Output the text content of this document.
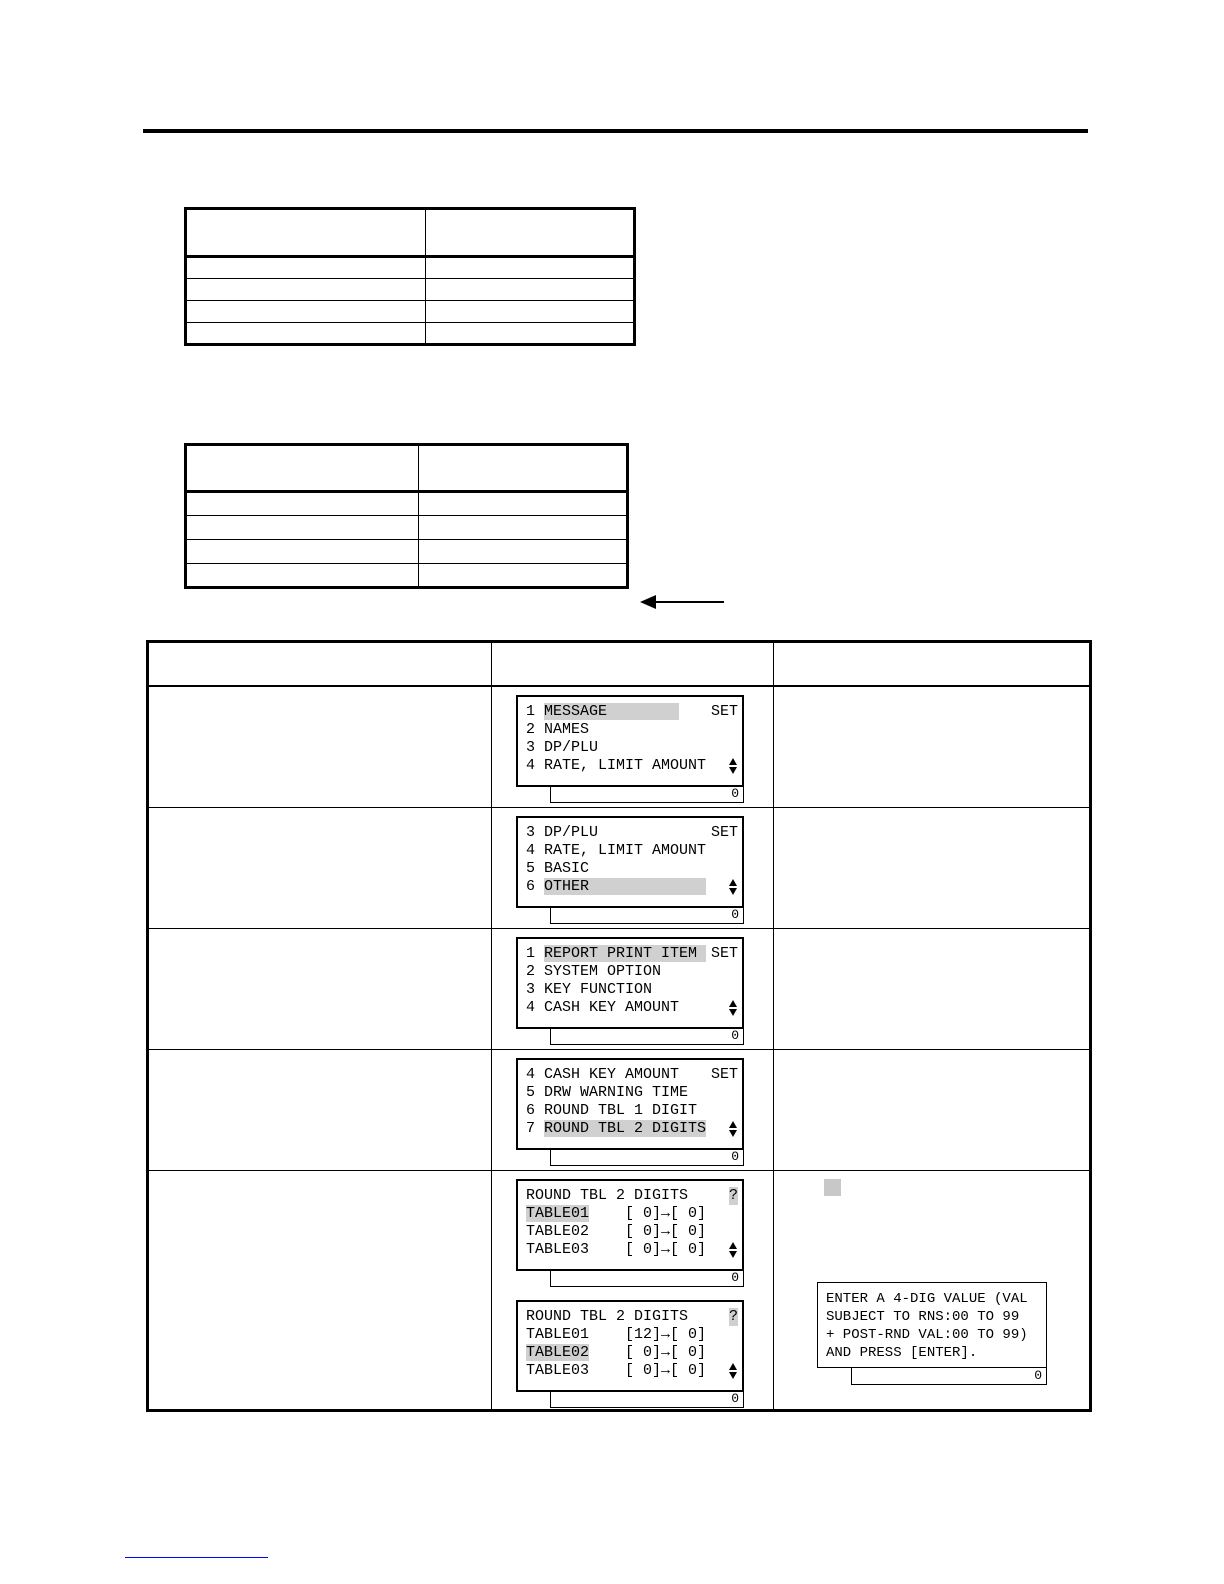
1 MESSAGE
2 NAMES
3 DP/PLU
4 RATE, LIMIT AMOUNT
SET
0
3 DP/PLU
4 RATE, LIMIT AMOUNT
5 BASIC
6 OTHER
SET
0
1 REPORT PRINT ITEM
2 SYSTEM OPTION
3 KEY FUNCTION
4 CASH KEY AMOUNT
SET
0
4 CASH KEY AMOUNT
5 DRW WARNING TIME
6 ROUND TBL 1 DIGIT
7 ROUND TBL 2 DIGITS
SET
0
ROUND TBL 2 DIGITS
TABLE01    [ 0]→[ 0]
TABLE02    [ 0]→[ 0]
TABLE03    [ 0]→[ 0]
?
0
ROUND TBL 2 DIGITS
TABLE01    [12]→[ 0]
TABLE02    [ 0]→[ 0]
TABLE03    [ 0]→[ 0]
?
0
ENTER A 4-DIG VALUE (VAL
SUBJECT TO RNS:00 TO 99
+ POST-RND VAL:00 TO 99)
AND PRESS [ENTER].
0
